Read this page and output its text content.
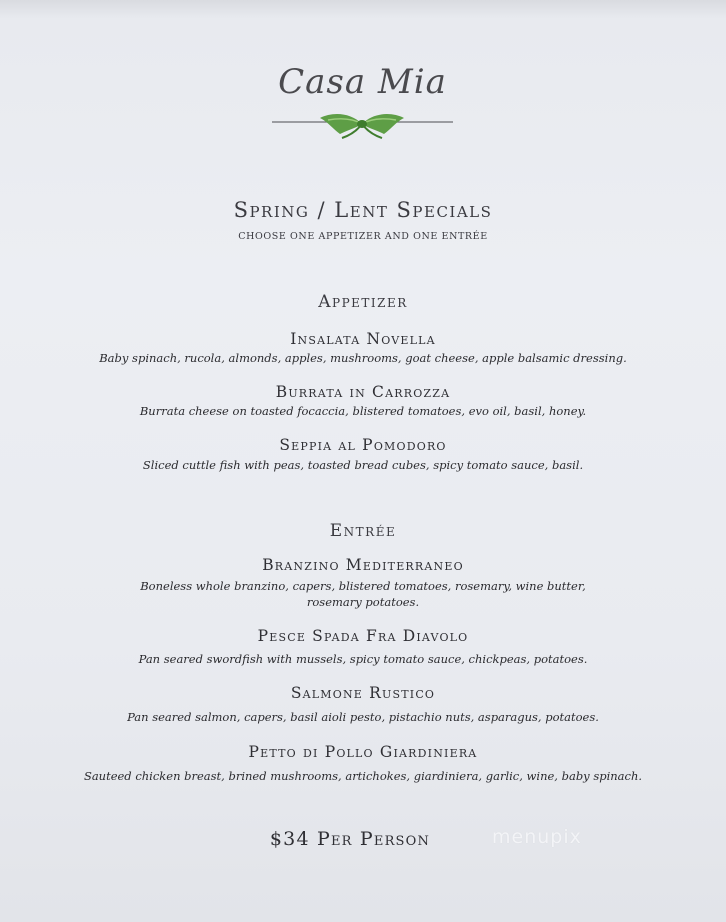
Casa Mia
Spring / Lent Specials
CHOOSE ONE APPETIZER AND ONE ENTRÉE
Appetizer
Insalata Novella
Baby spinach, rucola, almonds, apples, mushrooms, goat cheese, apple balsamic dressing.
Burrata in Carrozza
Burrata cheese on toasted focaccia, blistered tomatoes, evo oil, basil, honey.
Seppia al Pomodoro
Sliced cuttle fish with peas, toasted bread cubes, spicy tomato sauce, basil.
Entrée
Branzino Mediterraneo
Boneless whole branzino, capers, blistered tomatoes, rosemary, wine butter,
rosemary potatoes.
Pesce Spada Fra Diavolo
Pan seared swordfish with mussels, spicy tomato sauce, chickpeas, potatoes.
Salmone Rustico
Pan seared salmon, capers, basil aioli pesto, pistachio nuts, asparagus, potatoes.
Petto di Pollo Giardiniera
Sauteed chicken breast, brined mushrooms, artichokes, giardiniera, garlic, wine, baby spinach.
$34 Per Person	menupix
